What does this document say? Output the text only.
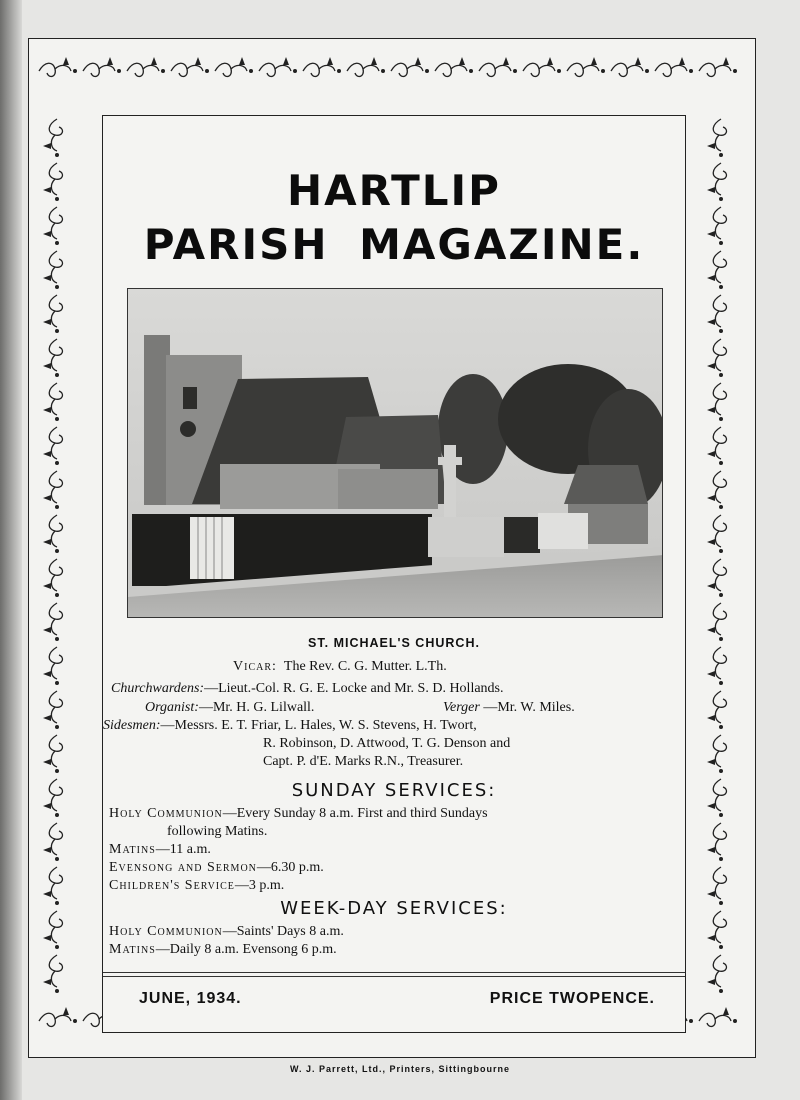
HARTLIP
PARISH MAGAZINE.
ST. MICHAEL'S CHURCH.
Vicar: The Rev. C. G. Mutter. L.Th.
Churchwardens:—Lieut.-Col. R. G. E. Locke and Mr. S. D. Hollands.
Organist:—Mr. H. G. Lilwall.	Verger —Mr. W. Miles.
Sidesmen:—Messrs. E. T. Friar, L. Hales, W. S. Stevens, H. Twort,
R. Robinson, D. Attwood, T. G. Denson and
Capt. P. d'E. Marks R.N., Treasurer.
SUNDAY SERVICES:
Holy Communion—Every Sunday 8 a.m. First and third Sundays
following Matins.
Matins—11 a.m.
Evensong and Sermon—6.30 p.m.
Children's Service—3 p.m.
WEEK-DAY SERVICES:
Holy Communion—Saints' Days 8 a.m.
Matins—Daily 8 a.m. Evensong 6 p.m.
JUNE, 1934.	PRICE TWOPENCE.
W. J. Parrett, Ltd., Printers, Sittingbourne
